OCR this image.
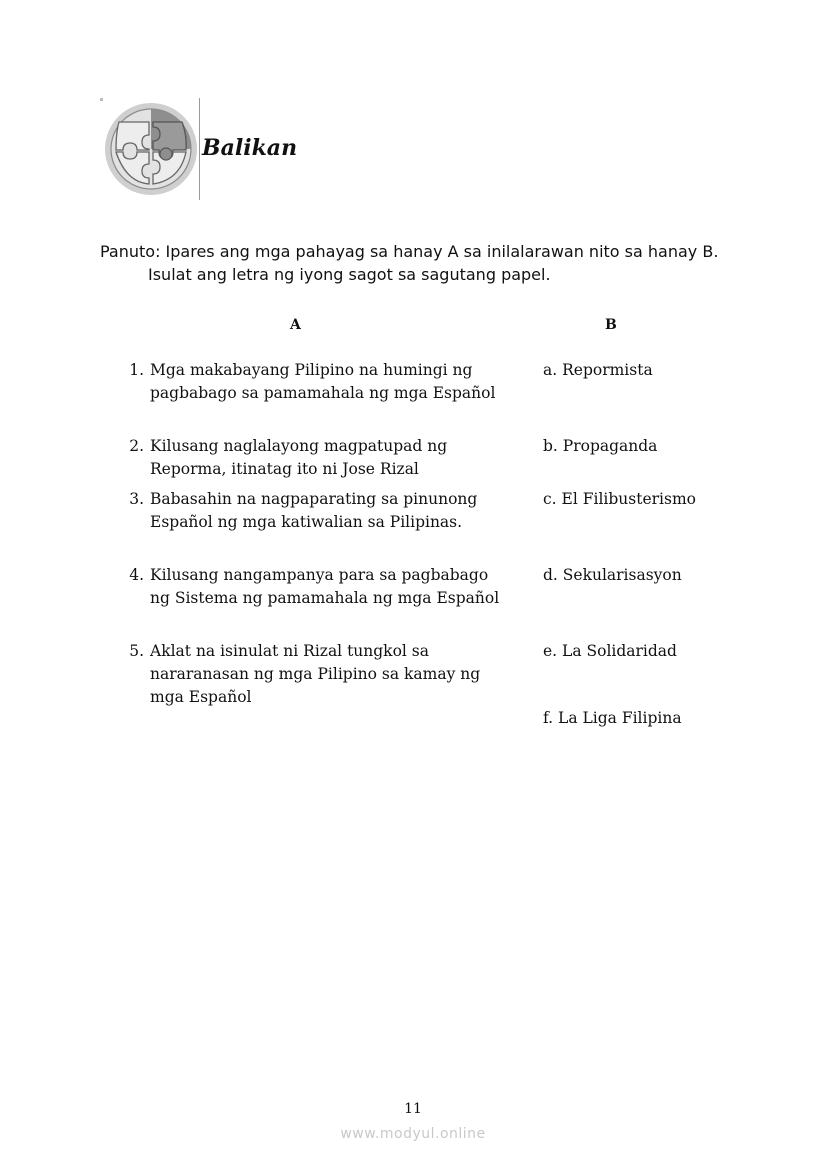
Balikan
Panuto: Ipares ang mga pahayag sa hanay A sa inilalarawan nito sa hanay B.
Isulat ang letra ng iyong sagot sa sagutang papel.
A	B
1. Mga makabayang Pilipino na humingi ng pagbabago sa pamamahala ng mga Español
2. Kilusang naglalayong magpatupad ng Reporma, itinatag ito ni Jose Rizal
3. Babasahin na nagpaparating sa pinunong Español ng mga katiwalian sa Pilipinas.
4. Kilusang nangampanya para sa pagbabago ng Sistema ng pamamahala ng mga Español
5. Aklat na isinulat ni Rizal tungkol sa nararanasan ng mga Pilipino sa kamay ng mga Español
a. Repormista
b. Propaganda
c. El Filibusterismo
d. Sekularisasyon
e. La Solidaridad
f. La Liga Filipina
11
www.modyul.online
